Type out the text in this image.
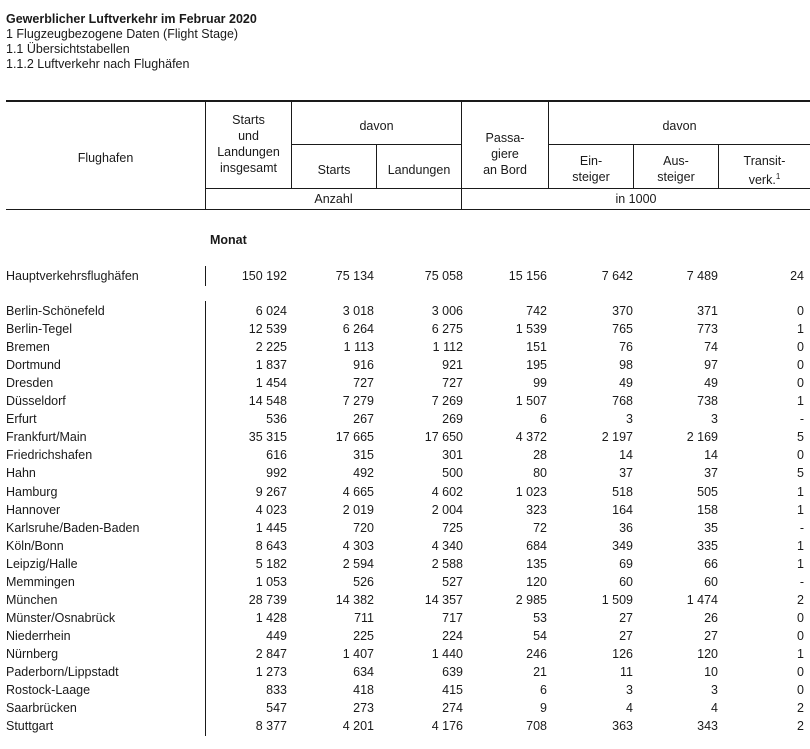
Gewerblicher Luftverkehr im Februar 2020
1 Flugzeugbezogene Daten (Flight Stage)
1.1 Übersichtstabellen
1.1.2 Luftverkehr nach Flughäfen
Flughafen
Starts
und
Landungen
insgesamt
davon
Starts	Landungen
Passa-
giere
an Bord
davon
Ein-
steiger
Aus-
steiger
Transit-
verk.$^1$
Anzahl	in 1000
Monat
Hauptverkehrsflughäfen	150 192	75 134	75 058	15 156	7 642	7 489	24
Berlin-Schönefeld	6 024	3 018	3 006	742	370	371	0
Berlin-Tegel	12 539	6 264	6 275	1 539	765	773	1
Bremen	2 225	1 113	1 112	151	76	74	0
Dortmund	1 837	916	921	195	98	97	0
Dresden	1 454	727	727	99	49	49	0
Düsseldorf	14 548	7 279	7 269	1 507	768	738	1
Erfurt	536	267	269	6	3	3	-
Frankfurt/Main	35 315	17 665	17 650	4 372	2 197	2 169	5
Friedrichshafen	616	315	301	28	14	14	0
Hahn	992	492	500	80	37	37	5
Hamburg	9 267	4 665	4 602	1 023	518	505	1
Hannover	4 023	2 019	2 004	323	164	158	1
Karlsruhe/Baden-Baden	1 445	720	725	72	36	35	-
Köln/Bonn	8 643	4 303	4 340	684	349	335	1
Leipzig/Halle	5 182	2 594	2 588	135	69	66	1
Memmingen	1 053	526	527	120	60	60	-
München	28 739	14 382	14 357	2 985	1 509	1 474	2
Münster/Osnabrück	1 428	711	717	53	27	26	0
Niederrhein	449	225	224	54	27	27	0
Nürnberg	2 847	1 407	1 440	246	126	120	1
Paderborn/Lippstadt	1 273	634	639	21	11	10	0
Rostock-Laage	833	418	415	6	3	3	0
Saarbrücken	547	273	274	9	4	4	2
Stuttgart	8 377	4 201	4 176	708	363	343	2
